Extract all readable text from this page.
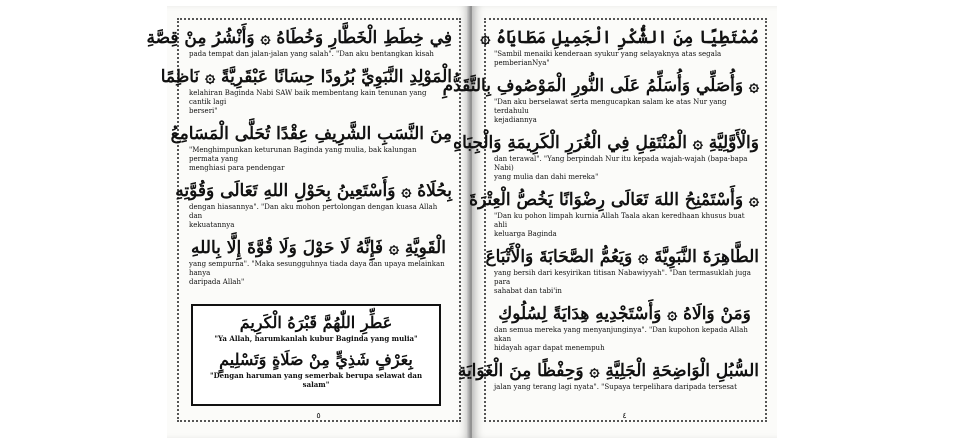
فِي خِطَطِ الْخَطَّارِ وَخُطَاهُ ۞ وَأَنْشُرُ مِنْ قِصَّةِ
pada tempat dan jalan-jalan yang salah". "Dan aku bentangkan kisah
الْمَوْلِدِ النَّبَوِيِّ بُرُودًا حِسَانًا عَبْقَرِيَّةً ۞ نَاظِمًا
kelahiran Baginda Nabi SAW baik membentang kain tenunan yang cantik lagi
berseri"
مِنَ النَّسَبِ الشَّرِيفِ عِقْدًا تُحَلَّى الْمَسَامِعُ
"Menghimpunkan keturunan Baginda yang mulia, bak kalungan permata yang
menghiasi para pendengar
بِحُلَاهُ ۞ وَأَسْتَعِينُ بِحَوْلِ اللهِ تَعَالَى وَقُوَّتِهِ
dengan hiasannya". "Dan aku mohon pertolongan dengan kuasa Allah dan
kekuatannya
الْقَوِيَّةِ ۞ فَإِنَّهُ لَا حَوْلَ وَلَا قُوَّةَ إِلَّا بِاللهِ
yang sempurna". "Maka sesungguhnya tiada daya dan upaya melainkan hanya
daripada Allah"
عَطِّرِ اللّٰهُمَّ قَبْرَهُ الْكَرِيمَ
"Ya Allah, harumkanlah kubur Baginda yang mulia"
بِعَرْفٍ شَذِيٍّ مِنْ صَلَاةٍ وَتَسْلِيمٍ
"Dengan haruman yang semerbak berupa selawat dan salam"
٥
مُمْتَطِيًا مِنَ الشُّكْرِ الْجَمِيلِ مَطَايَاهُ ۞
"Sambil menaiki kenderaan syukur yang selayaknya atas segala
pemberianNya"
۞ وَأُصَلِّي وَأُسَلِّمُ عَلَى النُّورِ الْمَوْصُوفِ بِالتَّقَدُّمِ
"Dan aku berselawat serta mengucapkan salam ke atas Nur yang terdahulu
kejadiannya
وَالْأَوَّلِيَّةِ ۞ الْمُنْتَقِلِ فِي الْغُرَرِ الْكَرِيمَةِ وَالْجِبَاهِ
dan terawal". "Yang berpindah Nur itu kepada wajah-wajah (bapa-bapa Nabi)
yang mulia dan dahi mereka"
۞ وَأَسْتَمْنِحُ اللهَ تَعَالَى رِضْوَانًا يَخُصُّ الْعِتْرَةَ
"Dan ku pohon limpah kurnia Allah Taala akan keredhaan khusus buat ahli
keluarga Baginda
الطَّاهِرَةَ النَّبَوِيَّةَ ۞ وَيَعُمُّ الصَّحَابَةَ وَالْأَتْبَاعَ
yang bersih dari kesyirikan titisan Nabawiyyah". "Dan termasuklah juga para
sahabat dan tabi'in
وَمَنْ وَالَاهُ ۞ وَأَسْتَجْدِيهِ هِدَايَةً لِسُلُوكِ
dan semua mereka yang menyanjunginya". "Dan kupohon kepada Allah akan
hidayah agar dapat menempuh
السُّبُلِ الْوَاضِحَةِ الْجَلِيَّةِ ۞ وَحِفْظًا مِنَ الْغَوَايَةِ
jalan yang terang lagi nyata". "Supaya terpelihara daripada tersesat
٤
